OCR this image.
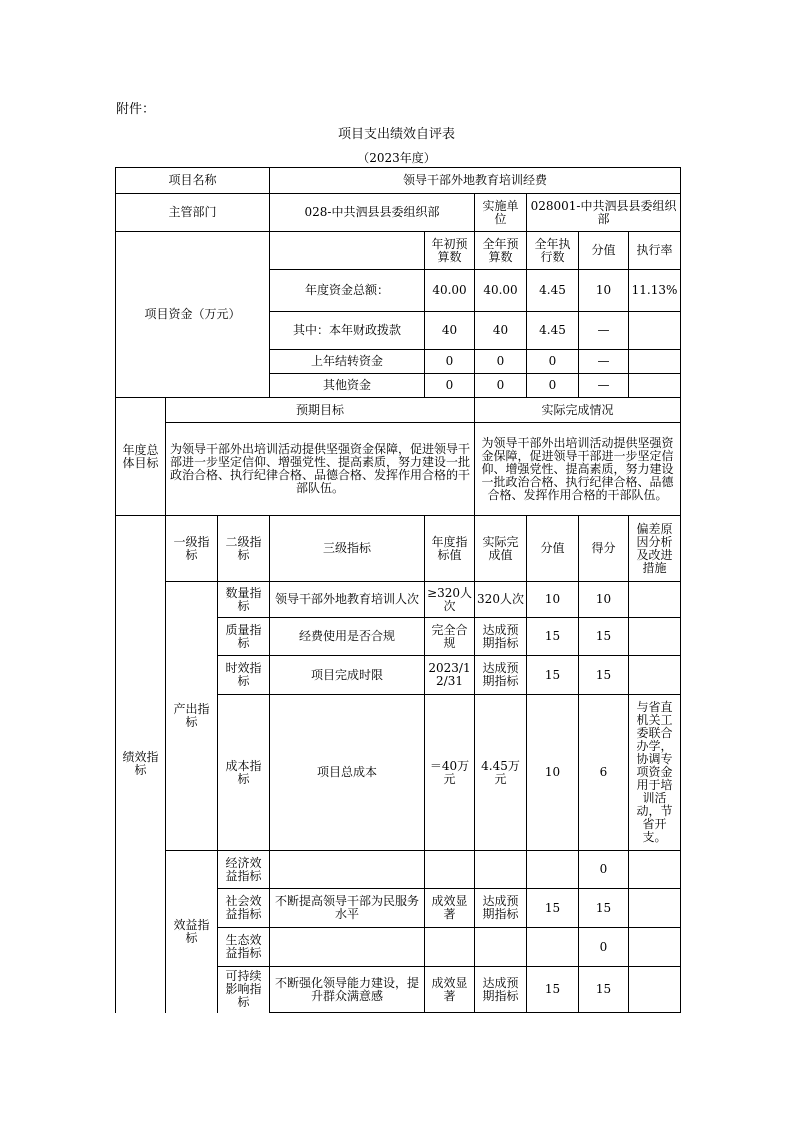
附件：
项目支出绩效自评表
（2023年度）
项目名称			领导干部外地教育培训经费						
主管部门			028-中共泗县县委组织部		实施单位	028001-中共泗县县委组织部			
项目资金（万元）				年初预算数	全年预算数	全年执行数	分值	执行率	
			年度资金总额：	40.00	40.00	4.45	10	11.13%	
			其中：本年财政拨款	40	40	4.45	—		
			上年结转资金	0	0	0	—		
			其他资金	0	0	0	—		
年度总体目标	预期目标				实际完成情况				
	为领导干部外出培训活动提供坚强资金保障，促进领导干部进一步坚定信仰、增强党性、提高素质，努力建设一批政治合格、执行纪律合格、品德合格、发挥作用合格的干部队伍。				为领导干部外出培训活动提供坚强资金保障，促进领导干部进一步坚定信仰、增强党性、提高素质，努力建设一批政治合格、执行纪律合格、品德合格、发挥作用合格的干部队伍。				
绩效指标	一级指标	二级指标	三级指标	年度指标值	实际完成值	分值	得分	偏差原因分析及改进措施	
	产出指标	数量指标	领导干部外地教育培训人次	≥320人次	320人次	10	10		
		质量指标	经费使用是否合规	完全合规	达成预期指标	15	15		
		时效指标	项目完成时限	2023/12/31	达成预期指标	15	15		
		成本指标	项目总成本	＝40万元	4.45万元	10	6	与省直机关工委联合办学，协调专项资金用于培训活动，节省开支。	
	效益指标	经济效益指标					0		
		社会效益指标	不断提高领导干部为民服务水平	成效显著	达成预期指标	15	15		
		生态效益指标					0		
		可持续影响指标	不断强化领导能力建设，提升群众满意感	成效显著	达成预期指标	15	15		
